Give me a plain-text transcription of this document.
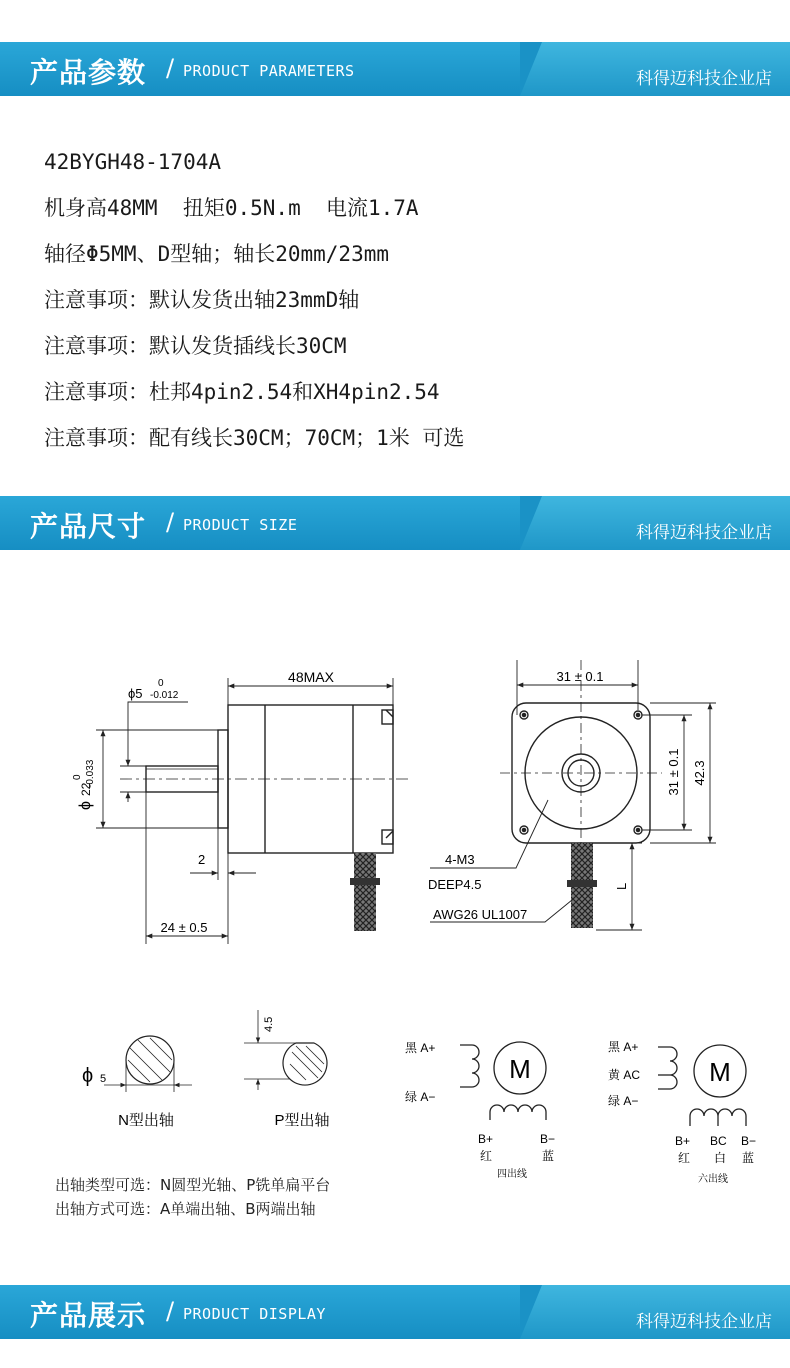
产品参数 / PRODUCT PARAMETERS	科得迈科技企业店
42BYGH48-1704A
机身高48MM  扭矩0.5N.m  电流1.7A
轴径Φ5MM、D型轴；轴长20mm/23mm
注意事项：默认发货出轴23mmD轴
注意事项：默认发货插线长30CM
注意事项：杜邦4pin2.54和XH4pin2.54
注意事项：配有线长30CM；70CM；1米 可选
产品尺寸 / PRODUCT SIZE	科得迈科技企业店
48MAX
ϕ5
0
-0.012
ϕ
22
0 -0.033
2
24 ± 0.5
31 ± 0.1
31 ± 0.1 42.3
4-M3
DEEP4.5
AWG26 UL1007
L
ϕ 5
N型出轴
4.5
P型出轴
M
黑 A+
绿 A−
B+
红
B−
蓝
四出线
M
黑 A+
黄 AC
绿 A−
B+
红
BC
白
B−
蓝
六出线
出轴类型可选：N圆型光轴、P铣单扁平台
出轴方式可选：A单端出轴、B两端出轴
产品展示 / PRODUCT DISPLAY	科得迈科技企业店
